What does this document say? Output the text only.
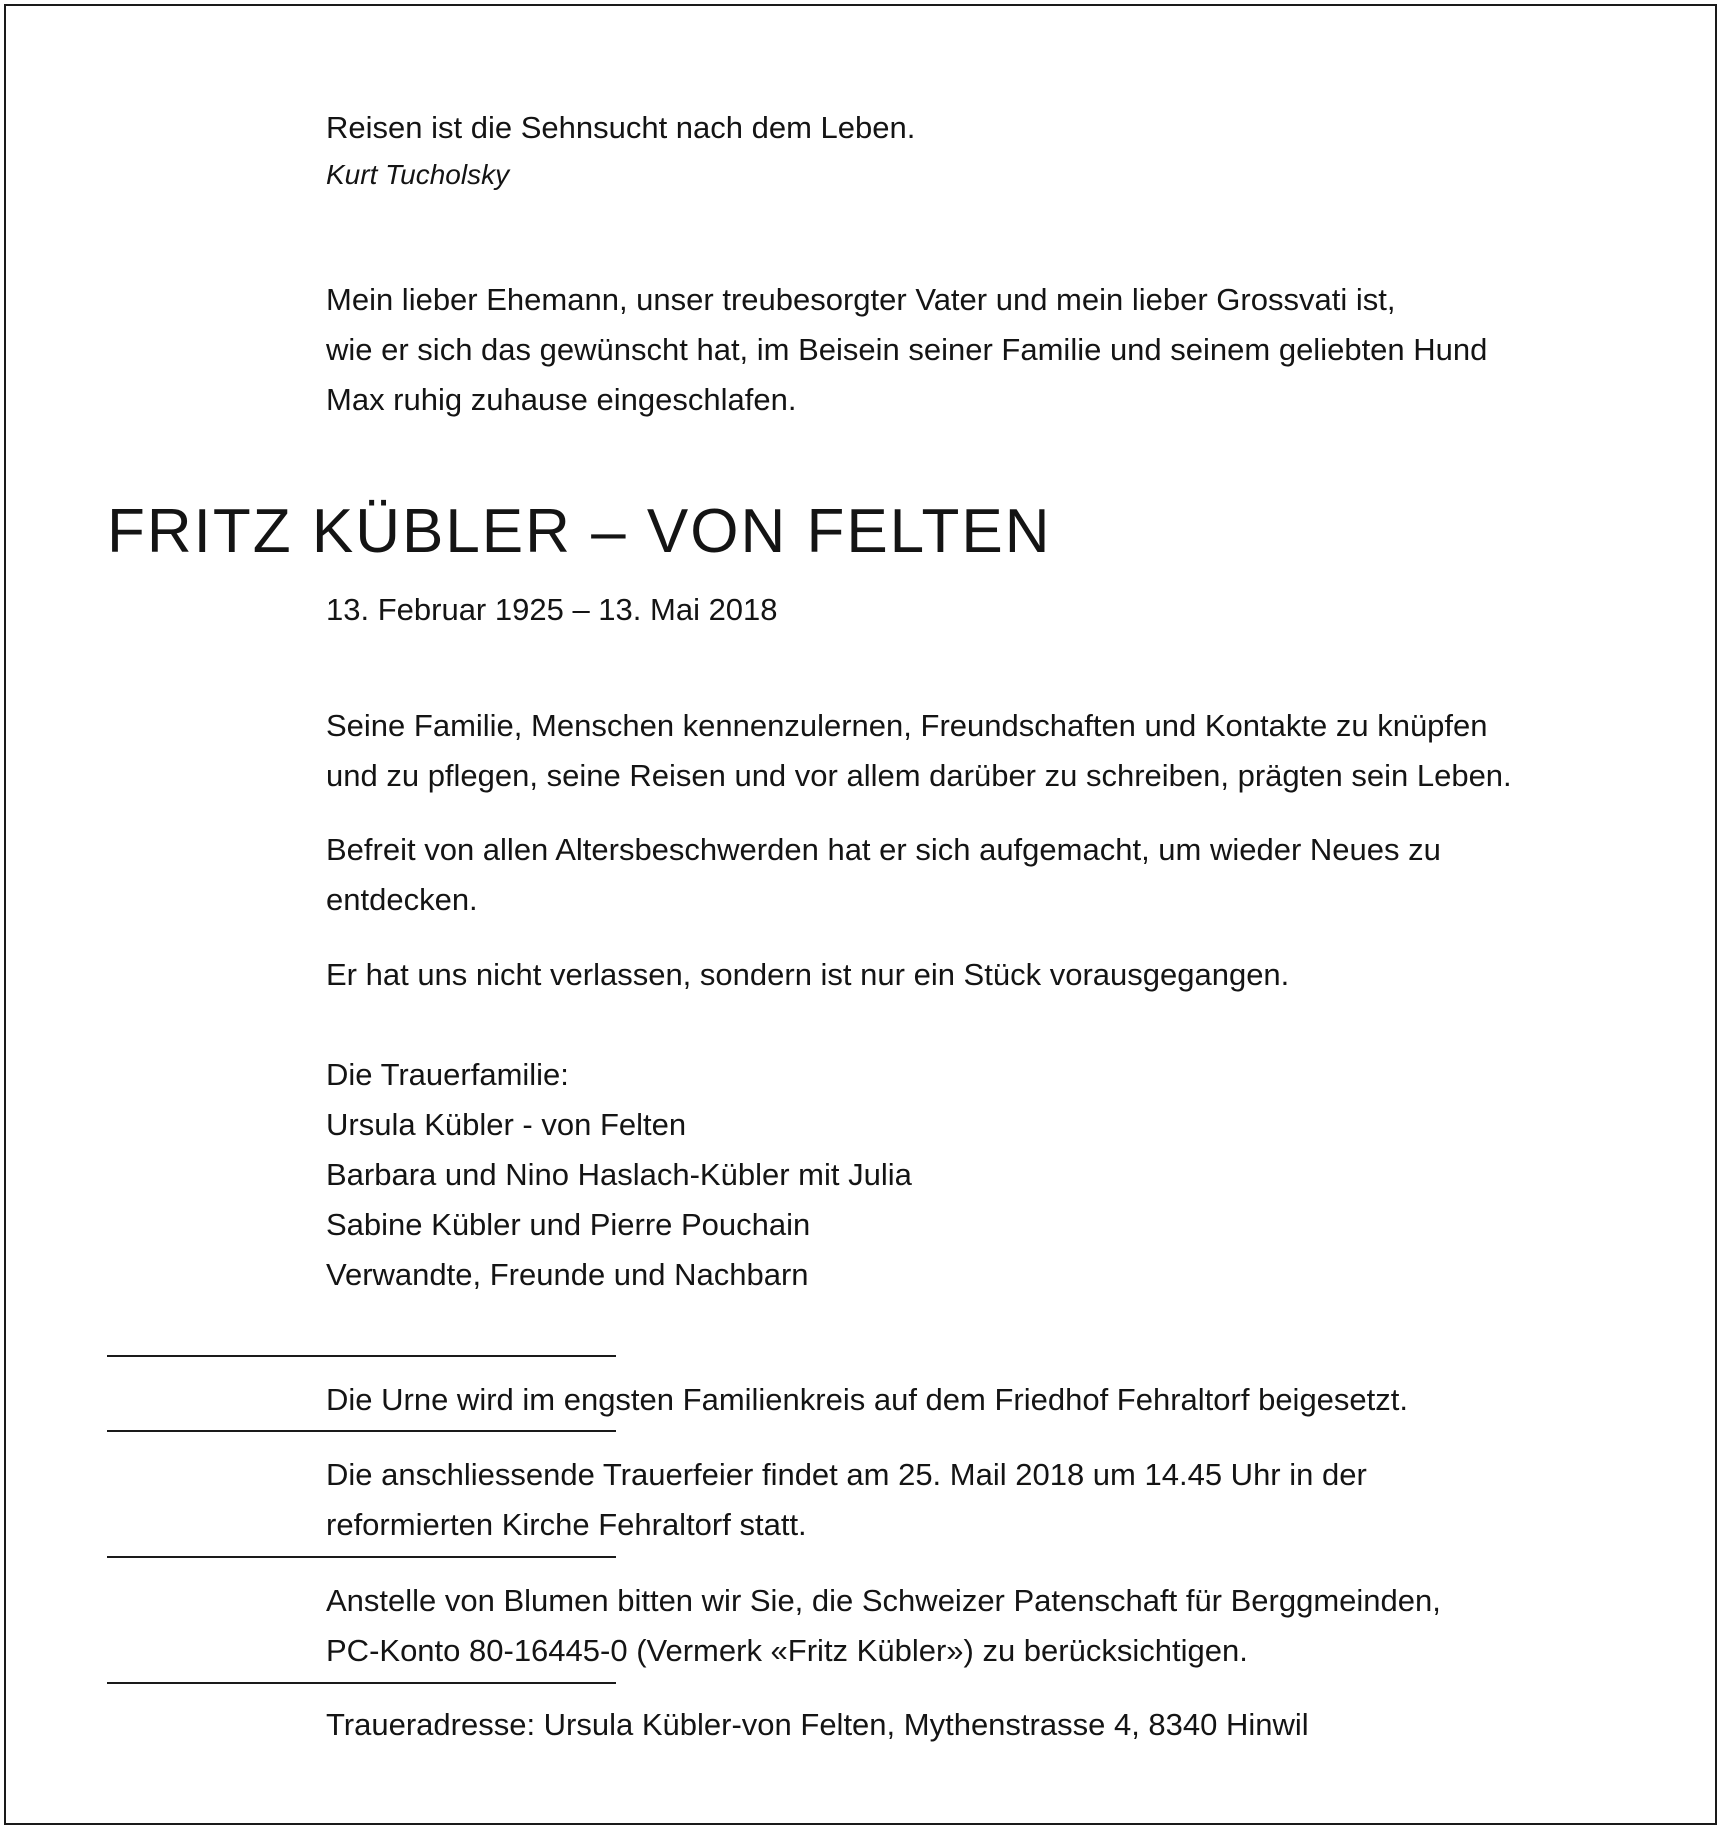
Reisen ist die Sehnsucht nach dem Leben.

Kurt Tucholsky

Mein lieber Ehemann, unser treubesorgter Vater und mein lieber Grossvati ist,

wie er sich das gewünscht hat, im Beisein seiner Familie und seinem geliebten Hund

Max ruhig zuhause eingeschlafen.

FRITZ KÜBLER – VON FELTEN

13. Februar 1925 – 13. Mai 2018

Seine Familie, Menschen kennenzulernen, Freundschaften und Kontakte zu knüpfen

und zu pflegen, seine Reisen und vor allem darüber zu schreiben, prägten sein Leben.

Befreit von allen Altersbeschwerden hat er sich aufgemacht, um wieder Neues zu

entdecken.

Er hat uns nicht verlassen, sondern ist nur ein Stück vorausgegangen.

Die Trauerfamilie:

Ursula Kübler - von Felten

Barbara und Nino Haslach-Kübler mit Julia

Sabine Kübler und Pierre Pouchain

Verwandte, Freunde und Nachbarn

Die Urne wird im engsten Familienkreis auf dem Friedhof Fehraltorf beigesetzt.

Die anschliessende Trauerfeier findet am 25. Mail 2018 um 14.45 Uhr in der

reformierten Kirche Fehraltorf statt.

Anstelle von Blumen bitten wir Sie, die Schweizer Patenschaft für Berggmeinden,

PC-Konto 80-16445-0 (Vermerk «Fritz Kübler») zu berücksichtigen.

Traueradresse: Ursula Kübler-von Felten, Mythenstrasse 4, 8340 Hinwil
